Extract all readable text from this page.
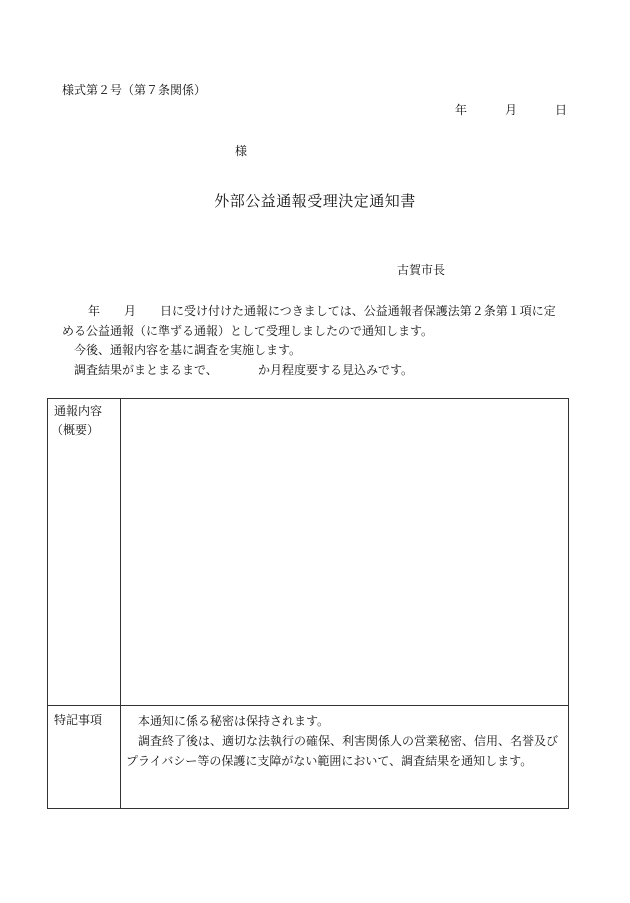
様式第２号（第７条関係）
年	月	日
様
外部公益通報受理決定通知書
古賀市長
年 月 日に受け付けた通報につきましては、公益通報者保護法第２条第１項に定
める公益通報（に準ずる通報）として受理しましたので通知します。
今後、通報内容を基に調査を実施します。
調査結果がまとまるまで、	か月程度要する見込みです。
通報内容
（概要）
特記事項 　本通知に係る秘密は保持されます。
　調査終了後は、適切な法執行の確保、利害関係人の営業秘密、信用、名誉及び
プライバシー等の保護に支障がない範囲において、調査結果を通知します。
